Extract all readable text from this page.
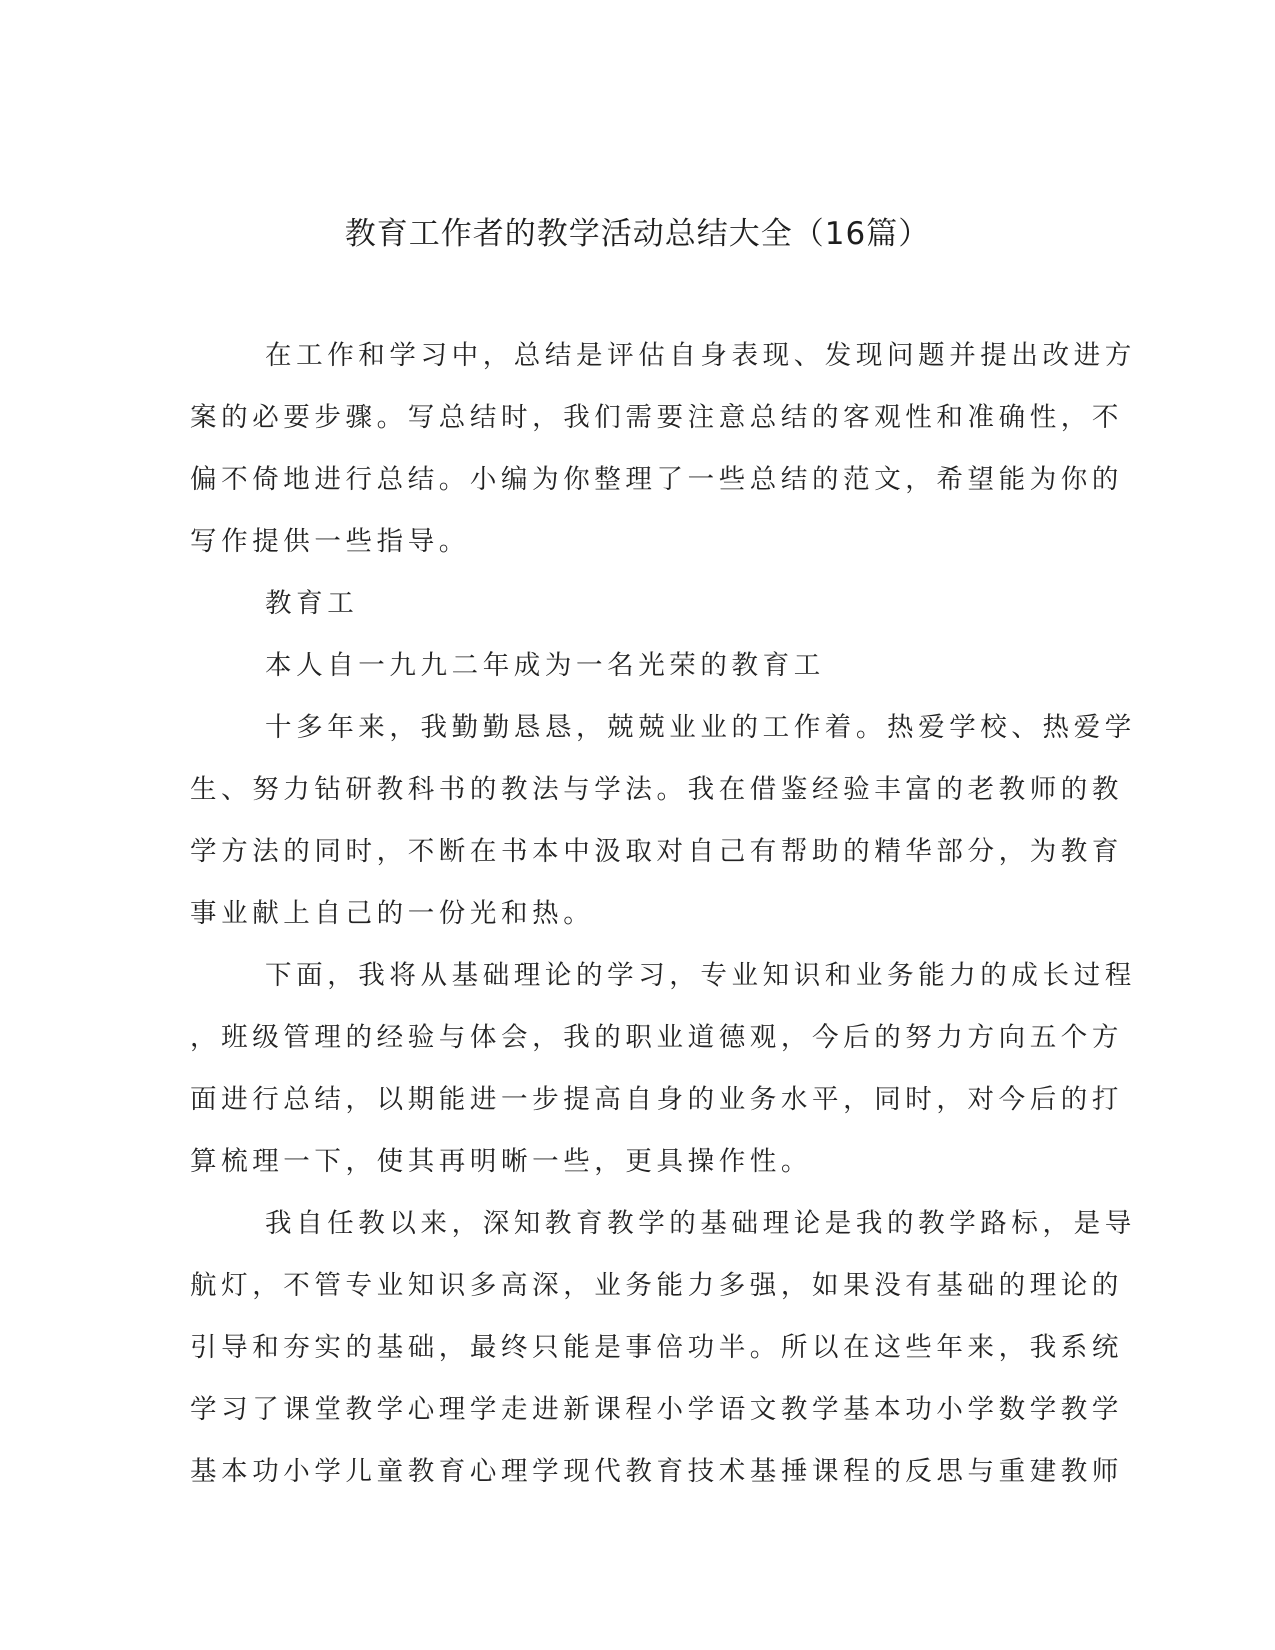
教育工作者的教学活动总结大全（16篇）
在工作和学习中，总结是评估自身表现、发现问题并提出改进方
案的必要步骤。写总结时，我们需要注意总结的客观性和准确性，不
偏不倚地进行总结。小编为你整理了一些总结的范文，希望能为你的
写作提供一些指导。
教育工
本人自一九九二年成为一名光荣的教育工
十多年来，我勤勤恳恳，兢兢业业的工作着。热爱学校、热爱学
生、努力钻研教科书的教法与学法。我在借鉴经验丰富的老教师的教
学方法的同时，不断在书本中汲取对自己有帮助的精华部分，为教育
事业献上自己的一份光和热。
下面，我将从基础理论的学习，专业知识和业务能力的成长过程
，班级管理的经验与体会，我的职业道德观，今后的努力方向五个方
面进行总结，以期能进一步提高自身的业务水平，同时，对今后的打
算梳理一下，使其再明晰一些，更具操作性。
我自任教以来，深知教育教学的基础理论是我的教学路标，是导
航灯，不管专业知识多高深，业务能力多强，如果没有基础的理论的
引导和夯实的基础，最终只能是事倍功半。所以在这些年来，我系统
学习了课堂教学心理学走进新课程小学语文教学基本功小学数学教学
基本功小学儿童教育心理学现代教育技术基捶课程的反思与重建教师
